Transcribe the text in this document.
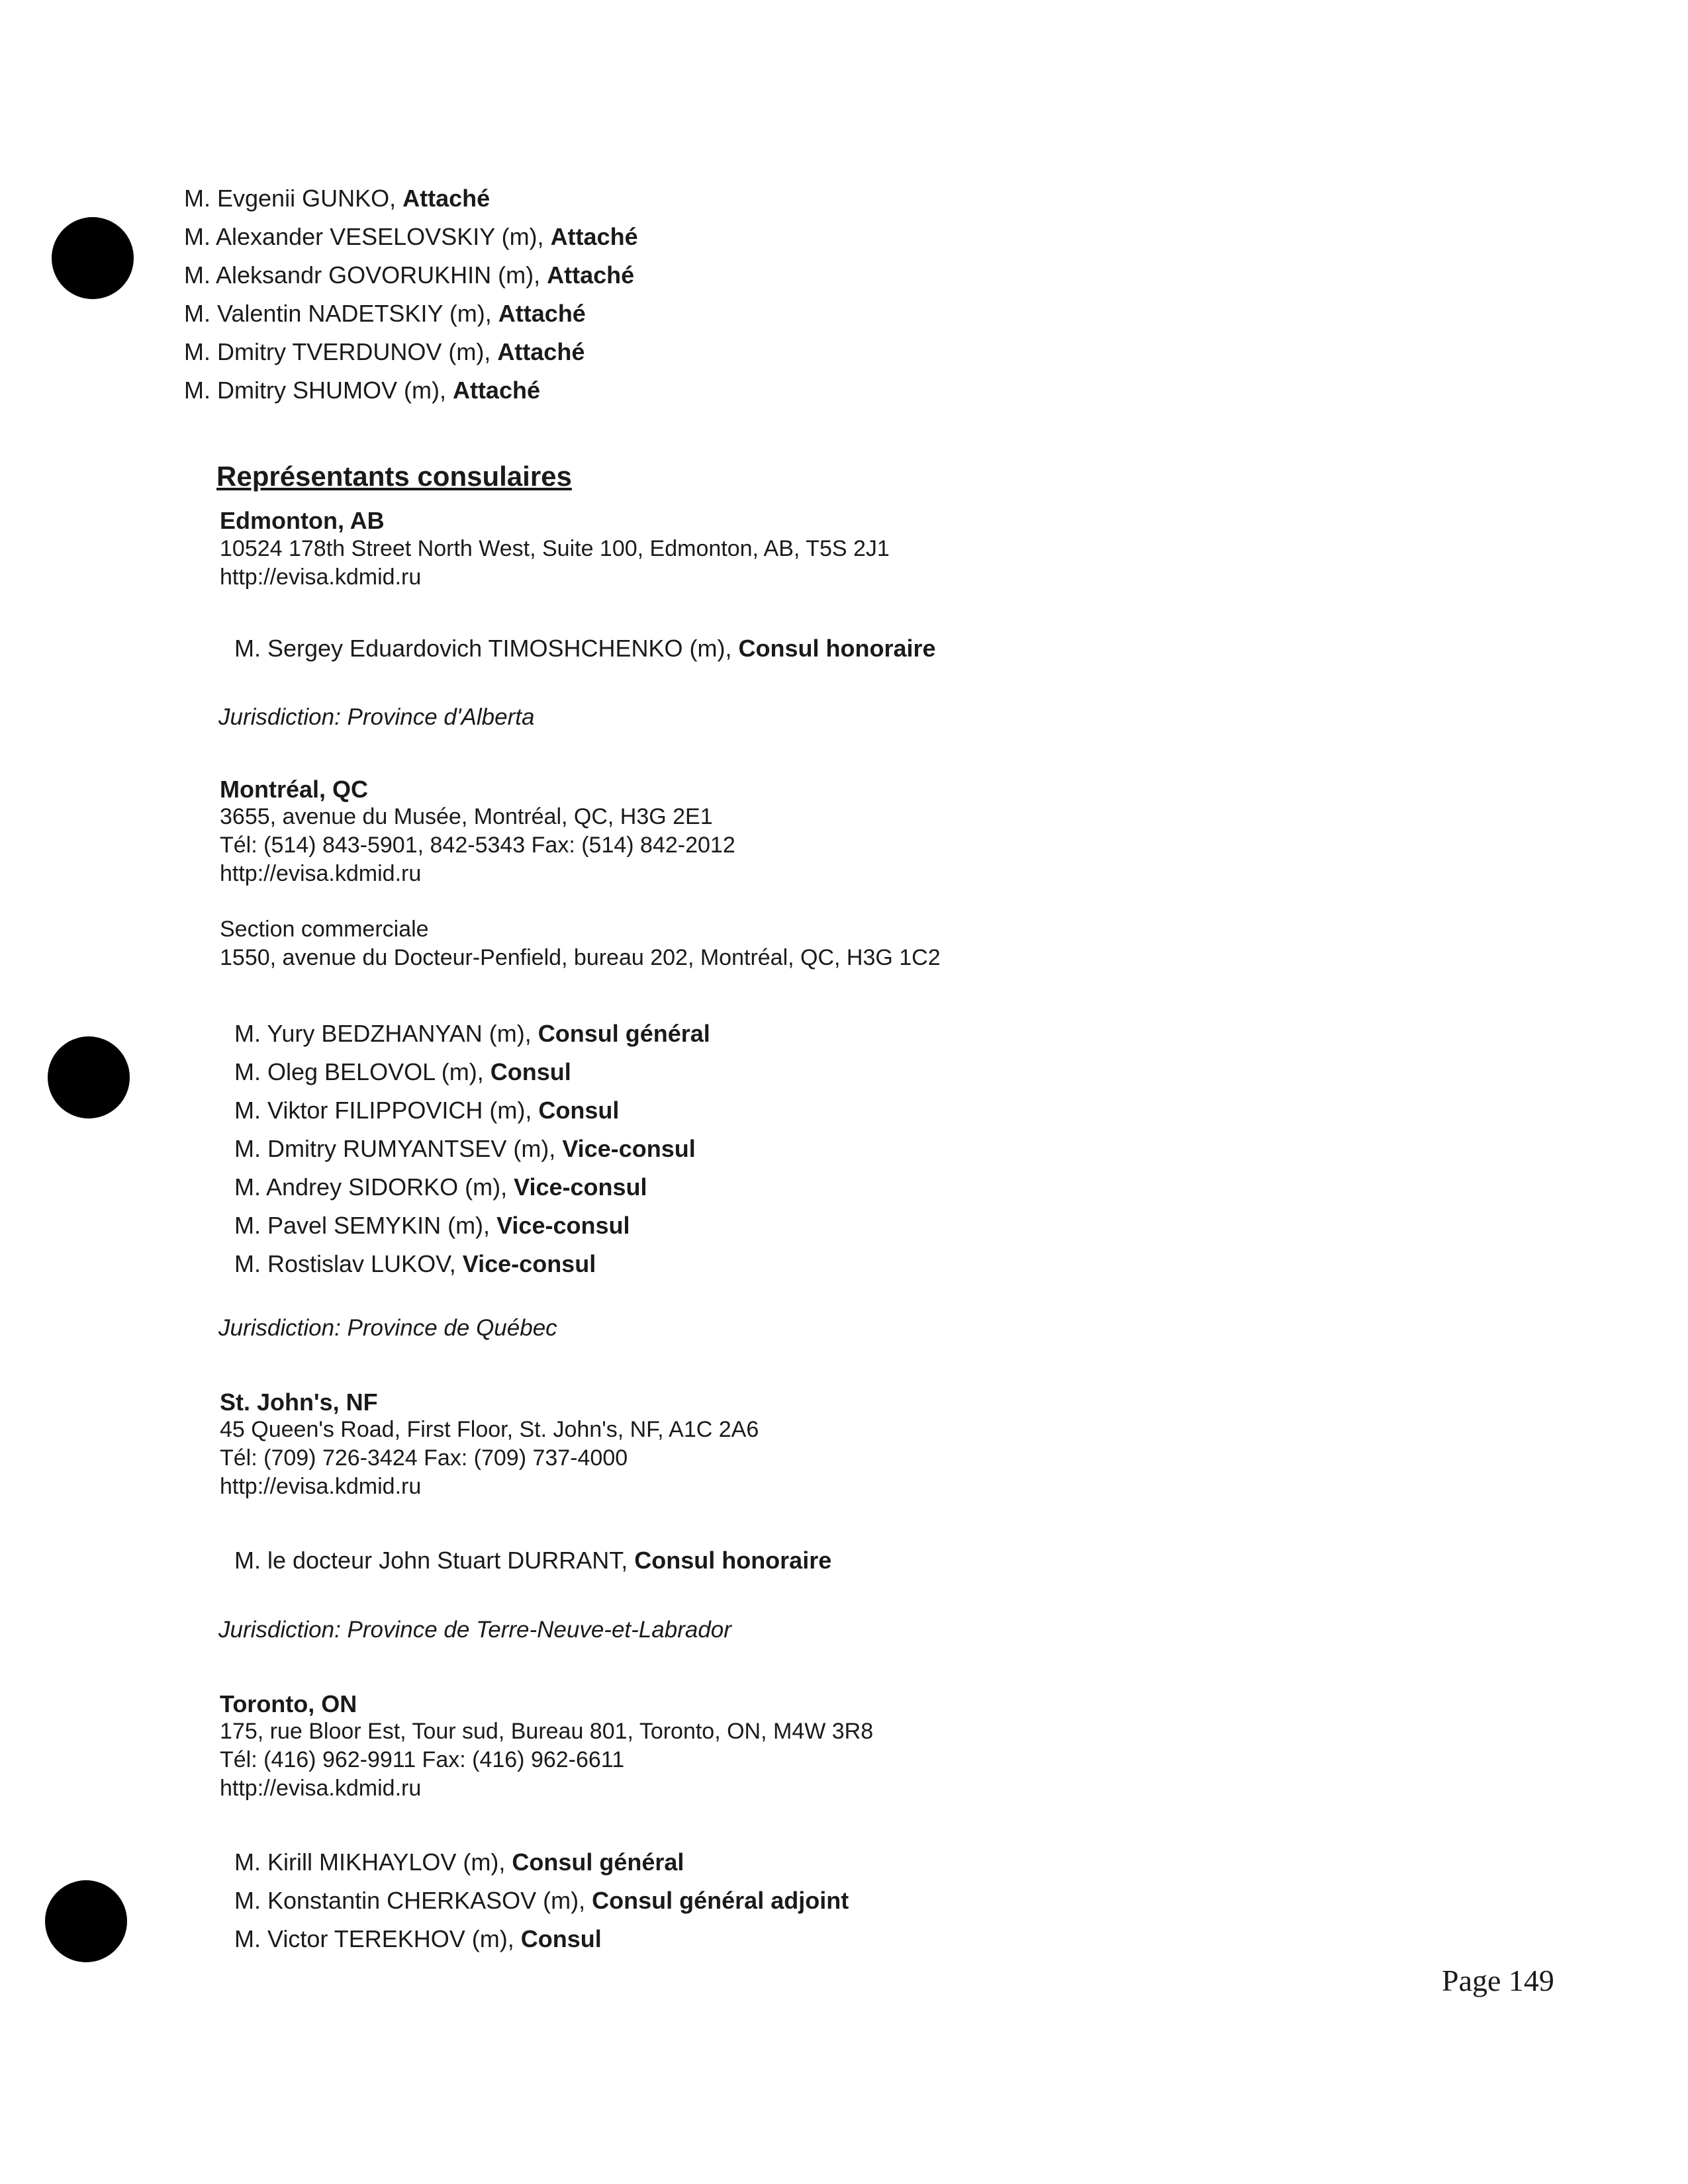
M. Evgenii GUNKO, Attaché
M. Alexander VESELOVSKIY (m), Attaché
M. Aleksandr GOVORUKHIN (m), Attaché
M. Valentin NADETSKIY (m), Attaché
M. Dmitry TVERDUNOV (m), Attaché
M. Dmitry SHUMOV (m), Attaché
Représentants consulaires
Edmonton, AB
10524 178th Street North West, Suite 100, Edmonton, AB, T5S 2J1
http://evisa.kdmid.ru
M. Sergey Eduardovich TIMOSHCHENKO (m), Consul honoraire
Jurisdiction: Province d'Alberta
Montréal, QC
3655, avenue du Musée, Montréal, QC, H3G 2E1
Tél: (514) 843-5901, 842-5343 Fax: (514) 842-2012
http://evisa.kdmid.ru
Section commerciale
1550, avenue du Docteur-Penfield, bureau 202, Montréal, QC, H3G 1C2
M. Yury BEDZHANYAN (m), Consul général
M. Oleg BELOVOL (m), Consul
M. Viktor FILIPPOVICH (m), Consul
M. Dmitry RUMYANTSEV (m), Vice-consul
M. Andrey SIDORKO (m), Vice-consul
M. Pavel SEMYKIN (m), Vice-consul
M. Rostislav LUKOV, Vice-consul
Jurisdiction: Province de Québec
St. John's, NF
45 Queen's Road, First Floor, St. John's, NF, A1C 2A6
Tél: (709) 726-3424 Fax: (709) 737-4000
http://evisa.kdmid.ru
M. le docteur John Stuart DURRANT, Consul honoraire
Jurisdiction: Province de Terre-Neuve-et-Labrador
Toronto, ON
175, rue Bloor Est, Tour sud, Bureau 801, Toronto, ON, M4W 3R8
Tél: (416) 962-9911 Fax: (416) 962-6611
http://evisa.kdmid.ru
M. Kirill MIKHAYLOV (m), Consul général
M. Konstantin CHERKASOV (m), Consul général adjoint
M. Victor TEREKHOV (m), Consul
Page 149
